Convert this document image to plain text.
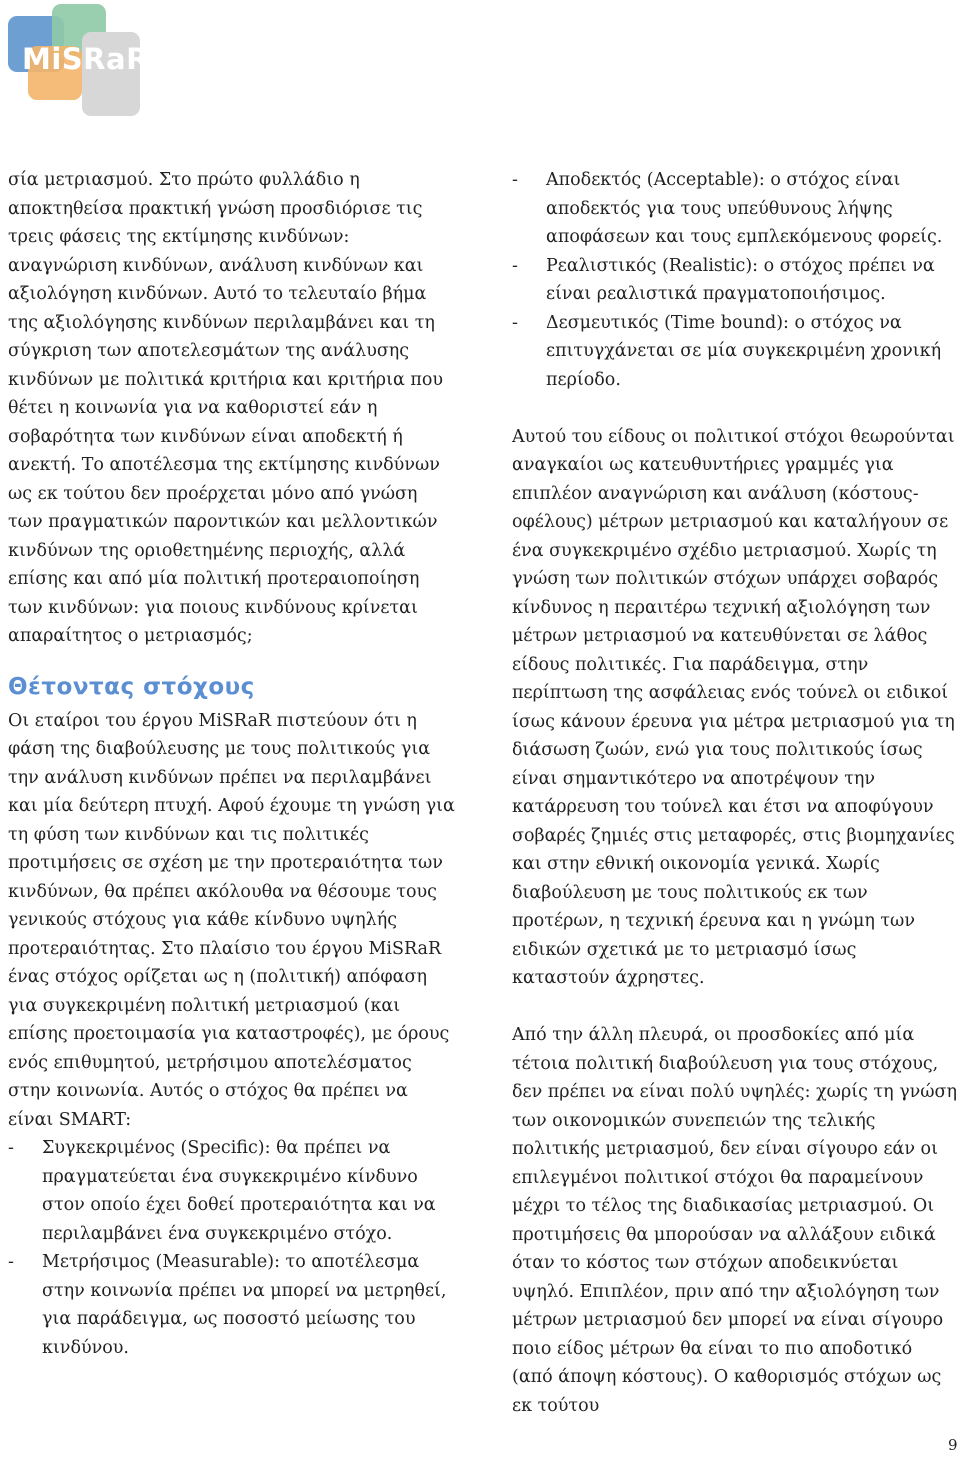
MiSRaR

σία μετριασμού. Στο πρώτο φυλλάδιο η αποκτηθείσα πρακτική γνώση προσδιόρισε τις τρεις φάσεις της εκτίμησης κινδύνων: αναγνώριση κινδύνων, ανάλυση κινδύνων και αξιολόγηση κινδύνων. Αυτό το τελευταίο βήμα της αξιολόγησης κινδύνων περιλαμβάνει και τη σύγκριση των αποτελεσμάτων της ανάλυσης κινδύνων με πολιτικά κριτήρια και κριτήρια που θέτει η κοινωνία για να καθοριστεί εάν η σοβαρότητα των κινδύνων είναι αποδεκτή ή ανεκτή. Το αποτέλεσμα της εκτίμησης κινδύνων ως εκ τούτου δεν προέρχεται μόνο από γνώση των πραγματικών παροντικών και μελλοντικών κινδύνων της οριοθετημένης περιοχής, αλλά επίσης και από μία πολιτική προτεραιοποίηση των κινδύνων: για ποιους κινδύνους κρίνεται απαραίτητος ο μετριασμός;

Θέτοντας στόχους

Οι εταίροι του έργου MiSRaR πιστεύουν ότι η φάση της διαβούλευσης με τους πολιτικούς για την ανάλυση κινδύνων πρέπει να περιλαμβάνει και μία δεύτερη πτυχή. Αφού έχουμε τη γνώση για τη φύση των κινδύνων και τις πολιτικές προτιμήσεις σε σχέση με την προτεραιότητα των κινδύνων, θα πρέπει ακόλουθα να θέσουμε τους γενικούς στόχους για κάθε κίνδυνο υψηλής προτεραιότητας. Στο πλαίσιο του έργου MiSRaR ένας στόχος ορίζεται ως η (πολιτική) απόφαση για συγκεκριμένη πολιτική μετριασμού (και επίσης προετοιμασία για καταστροφές), με όρους ενός επιθυμητού, μετρήσιμου αποτελέσματος στην κοινωνία. Αυτός ο στόχος θα πρέπει να είναι SMART:

- Συγκεκριμένος (Specific): θα πρέπει να πραγματεύεται ένα συγκεκριμένο κίνδυνο στον οποίο έχει δοθεί προτεραιότητα και να περιλαμβάνει ένα συγκεκριμένο στόχο.
- Μετρήσιμος (Measurable): το αποτέλεσμα στην κοινωνία πρέπει να μπορεί να μετρηθεί, για παράδειγμα, ως ποσοστό μείωσης του κινδύνου.
- Αποδεκτός (Acceptable): ο στόχος είναι αποδεκτός για τους υπεύθυνους λήψης αποφάσεων και τους εμπλεκόμενους φορείς.
- Ρεαλιστικός (Realistic): ο στόχος πρέπει να είναι ρεαλιστικά πραγματοποιήσιμος.
- Δεσμευτικός (Time bound): ο στόχος να επιτυγχάνεται σε μία συγκεκριμένη χρονική περίοδο.

Αυτού του είδους οι πολιτικοί στόχοι θεωρούνται αναγκαίοι ως κατευθυντήριες γραμμές για επιπλέον αναγνώριση και ανάλυση (κόστους-οφέλους) μέτρων μετριασμού και καταλήγουν σε ένα συγκεκριμένο σχέδιο μετριασμού. Χωρίς τη γνώση των πολιτικών στόχων υπάρχει σοβαρός κίνδυνος η περαιτέρω τεχνική αξιολόγηση των μέτρων μετριασμού να κατευθύνεται σε λάθος είδους πολιτικές. Για παράδειγμα, στην περίπτωση της ασφάλειας ενός τούνελ οι ειδικοί ίσως κάνουν έρευνα για μέτρα μετριασμού για τη διάσωση ζωών, ενώ για τους πολιτικούς ίσως είναι σημαντικότερο να αποτρέψουν την κατάρρευση του τούνελ και έτσι να αποφύγουν σοβαρές ζημιές στις μεταφορές, στις βιομηχανίες και στην εθνική οικονομία γενικά. Χωρίς διαβούλευση με τους πολιτικούς εκ των προτέρων, η τεχνική έρευνα και η γνώμη των ειδικών σχετικά με το μετριασμό ίσως καταστούν άχρηστες.

Από την άλλη πλευρά, οι προσδοκίες από μία τέτοια πολιτική διαβούλευση για τους στόχους, δεν πρέπει να είναι πολύ υψηλές: χωρίς τη γνώση των οικονομικών συνεπειών της τελικής πολιτικής μετριασμού, δεν είναι σίγουρο εάν οι επιλεγμένοι πολιτικοί στόχοι θα παραμείνουν μέχρι το τέλος της διαδικασίας μετριασμού. Οι προτιμήσεις θα μπορούσαν να αλλάξουν ειδικά όταν το κόστος των στόχων αποδεικνύεται υψηλό. Επιπλέον, πριν από την αξιολόγηση των μέτρων μετριασμού δεν μπορεί να είναι σίγουρο ποιο είδος μέτρων θα είναι το πιο αποδοτικό (από άποψη κόστους). Ο καθορισμός στόχων ως εκ τούτου

9
